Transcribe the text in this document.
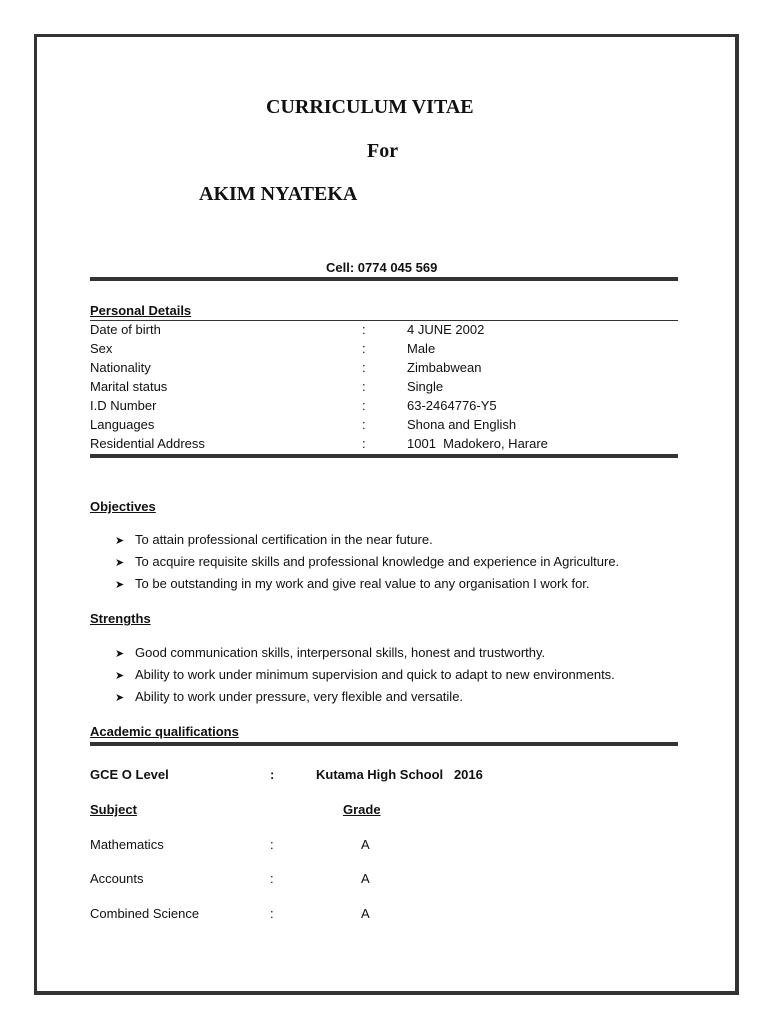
CURRICULUM VITAE
For
AKIM NYATEKA
Cell: 0774 045 569
Personal Details
Date of birth	:	4 JUNE 2002
Sex	:	Male
Nationality	:	Zimbabwean
Marital status	:	Single
I.D Number	:	63-2464776-Y5
Languages	:	Shona and English
Residential Address	:	1001  Madokero, Harare
Objectives
➤ To attain professional certification in the near future.
➤ To acquire requisite skills and professional knowledge and experience in Agriculture.
➤ To be outstanding in my work and give real value to any organisation I work for.
Strengths
➤ Good communication skills, interpersonal skills, honest and trustworthy.
➤ Ability to work under minimum supervision and quick to adapt to new environments.
➤ Ability to work under pressure, very flexible and versatile.
Academic qualifications
GCE O Level	:	Kutama High School   2016
Subject	Grade
Mathematics	:	A
Accounts	:	A
Combined Science	:	A
